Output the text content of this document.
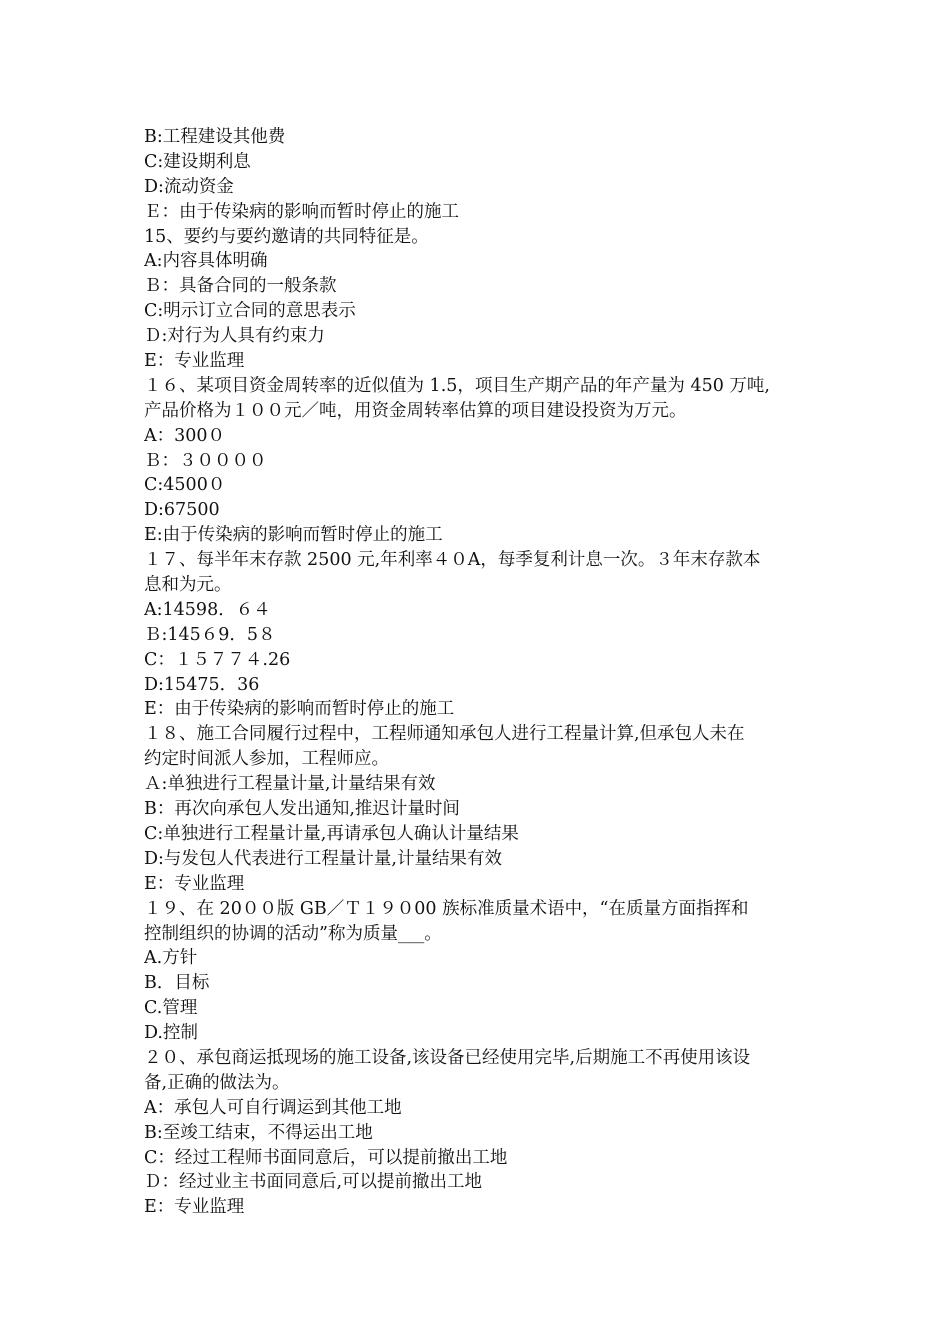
B:工程建设其他费
C:建设期利息
D:流动资金
Ｅ：由于传染病的影响而暂时停止的施工
15、要约与要约邀请的共同特征是。
A:内容具体明确
Ｂ：具备合同的一般条款
C:明示订立合同的意思表示
Ｄ:对行为人具有约束力
E：专业监理
１６、某项目资金周转率的近似值为 1.5，项目生产期产品的年产量为 450 万吨,
产品价格为１００元／吨，用资金周转率估算的项目建设投资为万元。
A：300０
Ｂ：３００００
C:4500０
D:67500
E:由于传染病的影响而暂时停止的施工
１７、每半年末存款 2500 元,年利率４０A，每季复利计息一次。３年末存款本
息和为元。
A:14598．６４
Ｂ:145６9．5８
C：１５７７４.26
D:15475．36
E：由于传染病的影响而暂时停止的施工
１８、施工合同履行过程中，工程师通知承包人进行工程量计算,但承包人未在
约定时间派人参加，工程师应。
Ａ:单独进行工程量计量,计量结果有效
B：再次向承包人发出通知,推迟计量时间
C:单独进行工程量计量,再请承包人确认计量结果
D:与发包人代表进行工程量计量,计量结果有效
E：专业监理
１９、在 20００版 GB／Ｔ１９０00 族标准质量术语中，“在质量方面指挥和
控制组织的协调的活动”称为质量___。
A.方针
B．目标
C.管理
D.控制
２０、承包商运抵现场的施工设备,该设备已经使用完毕,后期施工不再使用该设
备,正确的做法为。
A：承包人可自行调运到其他工地
B:至竣工结束，不得运出工地
C：经过工程师书面同意后，可以提前撤出工地
Ｄ：经过业主书面同意后,可以提前撤出工地
E：专业监理
